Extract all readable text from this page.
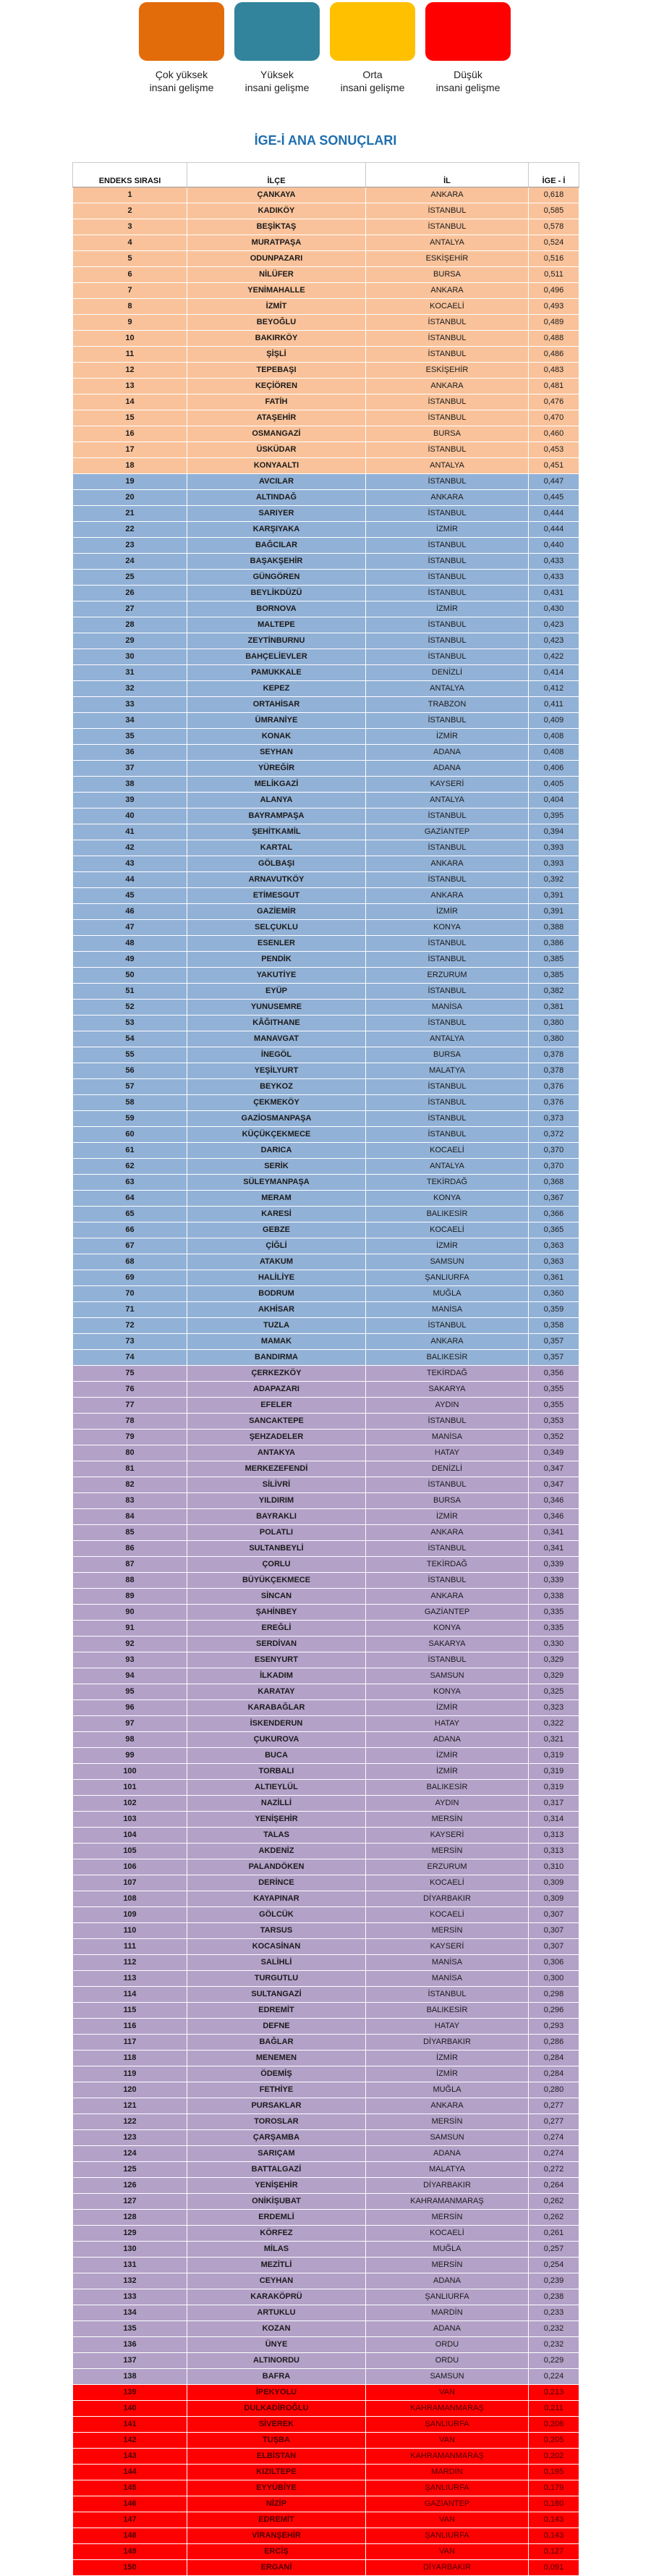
Çok yüksek
insani gelişme
Yüksek
insani gelişme
Orta
insani gelişme
Düşük
insani gelişme
İGE-İ ANA SONUÇLARI
ENDEKS SIRASI	İLÇE	İL	İGE - İ
1	ÇANKAYA	ANKARA	0,618
2	KADIKÖY	İSTANBUL	0,585
3	BEŞİKTAŞ	İSTANBUL	0,578
4	MURATPAŞA	ANTALYA	0,524
5	ODUNPAZARI	ESKİŞEHİR	0,516
6	NİLÜFER	BURSA	0,511
7	YENİMAHALLE	ANKARA	0,496
8	İZMİT	KOCAELİ	0,493
9	BEYOĞLU	İSTANBUL	0,489
10	BAKIRKÖY	İSTANBUL	0,488
11	ŞİŞLİ	İSTANBUL	0,486
12	TEPEBAŞI	ESKİŞEHİR	0,483
13	KEÇİÖREN	ANKARA	0,481
14	FATİH	İSTANBUL	0,476
15	ATAŞEHİR	İSTANBUL	0,470
16	OSMANGAZİ	BURSA	0,460
17	ÜSKÜDAR	İSTANBUL	0,453
18	KONYAALTI	ANTALYA	0,451
19	AVCILAR	İSTANBUL	0,447
20	ALTINDAĞ	ANKARA	0,445
21	SARIYER	İSTANBUL	0,444
22	KARŞIYAKA	İZMİR	0,444
23	BAĞCILAR	İSTANBUL	0,440
24	BAŞAKŞEHİR	İSTANBUL	0,433
25	GÜNGÖREN	İSTANBUL	0,433
26	BEYLİKDÜZÜ	İSTANBUL	0,431
27	BORNOVA	İZMİR	0,430
28	MALTEPE	İSTANBUL	0,423
29	ZEYTİNBURNU	İSTANBUL	0,423
30	BAHÇELİEVLER	İSTANBUL	0,422
31	PAMUKKALE	DENİZLİ	0,414
32	KEPEZ	ANTALYA	0,412
33	ORTAHİSAR	TRABZON	0,411
34	ÜMRANİYE	İSTANBUL	0,409
35	KONAK	İZMİR	0,408
36	SEYHAN	ADANA	0,408
37	YÜREĞİR	ADANA	0,406
38	MELİKGAZİ	KAYSERİ	0,405
39	ALANYA	ANTALYA	0,404
40	BAYRAMPAŞA	İSTANBUL	0,395
41	ŞEHİTKAMİL	GAZİANTEP	0,394
42	KARTAL	İSTANBUL	0,393
43	GÖLBAŞI	ANKARA	0,393
44	ARNAVUTKÖY	İSTANBUL	0,392
45	ETİMESGUT	ANKARA	0,391
46	GAZİEMİR	İZMİR	0,391
47	SELÇUKLU	KONYA	0,388
48	ESENLER	İSTANBUL	0,386
49	PENDİK	İSTANBUL	0,385
50	YAKUTİYE	ERZURUM	0,385
51	EYÜP	İSTANBUL	0,382
52	YUNUSEMRE	MANİSA	0,381
53	KÂĞITHANE	İSTANBUL	0,380
54	MANAVGAT	ANTALYA	0,380
55	İNEGÖL	BURSA	0,378
56	YEŞİLYURT	MALATYA	0,378
57	BEYKOZ	İSTANBUL	0,376
58	ÇEKMEKÖY	İSTANBUL	0,376
59	GAZİOSMANPAŞA	İSTANBUL	0,373
60	KÜÇÜKÇEKMECE	İSTANBUL	0,372
61	DARICA	KOCAELİ	0,370
62	SERİK	ANTALYA	0,370
63	SÜLEYMANPAŞA	TEKİRDAĞ	0,368
64	MERAM	KONYA	0,367
65	KARESİ	BALIKESİR	0,366
66	GEBZE	KOCAELİ	0,365
67	ÇİĞLİ	İZMİR	0,363
68	ATAKUM	SAMSUN	0,363
69	HALİLİYE	ŞANLIURFA	0,361
70	BODRUM	MUĞLA	0,360
71	AKHİSAR	MANİSA	0,359
72	TUZLA	İSTANBUL	0,358
73	MAMAK	ANKARA	0,357
74	BANDIRMA	BALIKESİR	0,357
75	ÇERKEZKÖY	TEKİRDAĞ	0,356
76	ADAPAZARI	SAKARYA	0,355
77	EFELER	AYDIN	0,355
78	SANCAKTEPE	İSTANBUL	0,353
79	ŞEHZADELER	MANİSA	0,352
80	ANTAKYA	HATAY	0,349
81	MERKEZEFENDİ	DENİZLİ	0,347
82	SİLİVRİ	İSTANBUL	0,347
83	YILDIRIM	BURSA	0,346
84	BAYRAKLI	İZMİR	0,346
85	POLATLI	ANKARA	0,341
86	SULTANBEYLİ	İSTANBUL	0,341
87	ÇORLU	TEKİRDAĞ	0,339
88	BÜYÜKÇEKMECE	İSTANBUL	0,339
89	SİNCAN	ANKARA	0,338
90	ŞAHİNBEY	GAZİANTEP	0,335
91	EREĞLİ	KONYA	0,335
92	SERDİVAN	SAKARYA	0,330
93	ESENYURT	İSTANBUL	0,329
94	İLKADIM	SAMSUN	0,329
95	KARATAY	KONYA	0,325
96	KARABAĞLAR	İZMİR	0,323
97	İSKENDERUN	HATAY	0,322
98	ÇUKUROVA	ADANA	0,321
99	BUCA	İZMİR	0,319
100	TORBALI	İZMİR	0,319
101	ALTIEYLÜL	BALIKESİR	0,319
102	NAZİLLİ	AYDIN	0,317
103	YENİŞEHİR	MERSİN	0,314
104	TALAS	KAYSERİ	0,313
105	AKDENİZ	MERSİN	0,313
106	PALANDÖKEN	ERZURUM	0,310
107	DERİNCE	KOCAELİ	0,309
108	KAYAPINAR	DİYARBAKIR	0,309
109	GÖLCÜK	KOCAELİ	0,307
110	TARSUS	MERSİN	0,307
111	KOCASİNAN	KAYSERİ	0,307
112	SALİHLİ	MANİSA	0,306
113	TURGUTLU	MANİSA	0,300
114	SULTANGAZİ	İSTANBUL	0,298
115	EDREMİT	BALIKESİR	0,296
116	DEFNE	HATAY	0,293
117	BAĞLAR	DİYARBAKIR	0,286
118	MENEMEN	İZMİR	0,284
119	ÖDEMİŞ	İZMİR	0,284
120	FETHİYE	MUĞLA	0,280
121	PURSAKLAR	ANKARA	0,277
122	TOROSLAR	MERSİN	0,277
123	ÇARŞAMBA	SAMSUN	0,274
124	SARIÇAM	ADANA	0,274
125	BATTALGAZİ	MALATYA	0,272
126	YENİŞEHİR	DİYARBAKIR	0,264
127	ONİKİŞUBAT	KAHRAMANMARAŞ	0,262
128	ERDEMLİ	MERSİN	0,262
129	KÖRFEZ	KOCAELİ	0,261
130	MİLAS	MUĞLA	0,257
131	MEZİTLİ	MERSİN	0,254
132	CEYHAN	ADANA	0,239
133	KARAKÖPRÜ	ŞANLIURFA	0,238
134	ARTUKLU	MARDİN	0,233
135	KOZAN	ADANA	0,232
136	ÜNYE	ORDU	0,232
137	ALTINORDU	ORDU	0,229
138	BAFRA	SAMSUN	0,224
139	İPEKYOLU	VAN	0,213
140	DULKADİROĞLU	KAHRAMANMARAŞ	0,211
141	SİVEREK	ŞANLIURFA	0,206
142	TUŞBA	VAN	0,205
143	ELBİSTAN	KAHRAMANMARAŞ	0,202
144	KIZILTEPE	MARDİN	0,195
145	EYYÜBİYE	ŞANLIURFA	0,179
146	NİZİP	GAZİANTEP	0,180
147	EDREMİT	VAN	0,143
148	VİRANŞEHİR	ŞANLIURFA	0,143
149	ERCİŞ	VAN	0,127
150	ERGANİ	DİYARBAKIR	0,091
